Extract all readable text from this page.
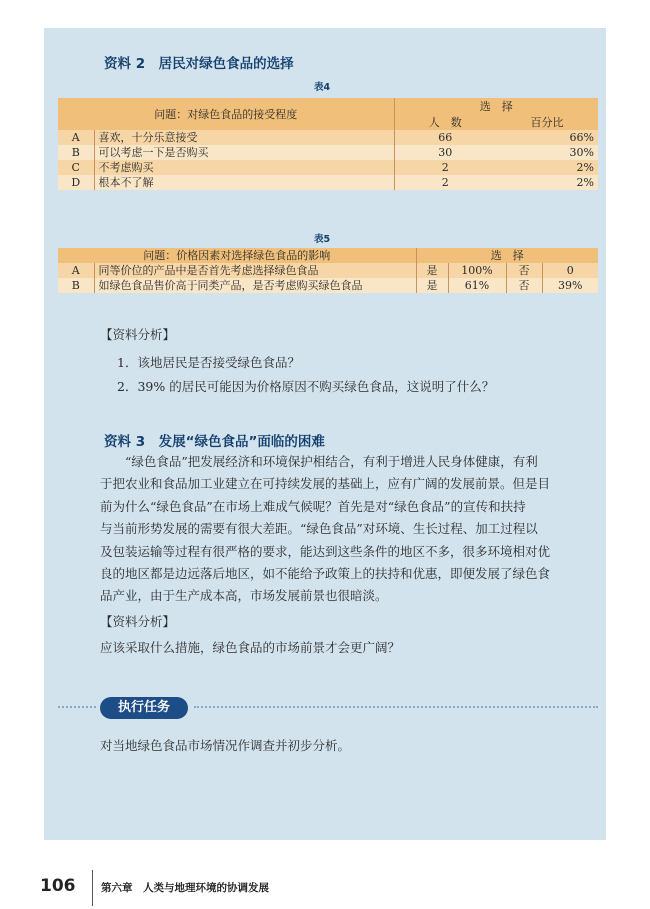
资料 2　居民对绿色食品的选择
表4
问题：对绿色食品的接受程度		选　择	
		人　数	百分比
A	喜欢，十分乐意接受	66	66%
B	可以考虑一下是否购买	30	30%
C	不考虑购买	2	2%
D	根本不了解	2	2%
表5
问题：价格因素对选择绿色食品的影响		选　择			
A	同等价位的产品中是否首先考虑选择绿色食品	是	100%	否	0
B	如绿色食品售价高于同类产品，是否考虑购买绿色食品	是	61%	否	39%
【资料分析】
1．该地居民是否接受绿色食品？
2．39% 的居民可能因为价格原因不购买绿色食品，这说明了什么？
资料 3　发展“绿色食品”面临的困难
“绿色食品”把发展经济和环境保护相结合，有利于增进人民身体健康，有利
于把农业和食品加工业建立在可持续发展的基础上，应有广阔的发展前景。但是目
前为什么“绿色食品”在市场上难成气候呢？首先是对“绿色食品”的宣传和扶持
与当前形势发展的需要有很大差距。“绿色食品”对环境、生长过程、加工过程以
及包装运输等过程有很严格的要求，能达到这些条件的地区不多，很多环境相对优
良的地区都是边远落后地区，如不能给予政策上的扶持和优惠，即便发展了绿色食
品产业，由于生产成本高，市场发展前景也很暗淡。
【资料分析】
应该采取什么措施，绿色食品的市场前景才会更广阔？
执行任务
对当地绿色食品市场情况作调查并初步分析。
106 第六章　人类与地理环境的协调发展
